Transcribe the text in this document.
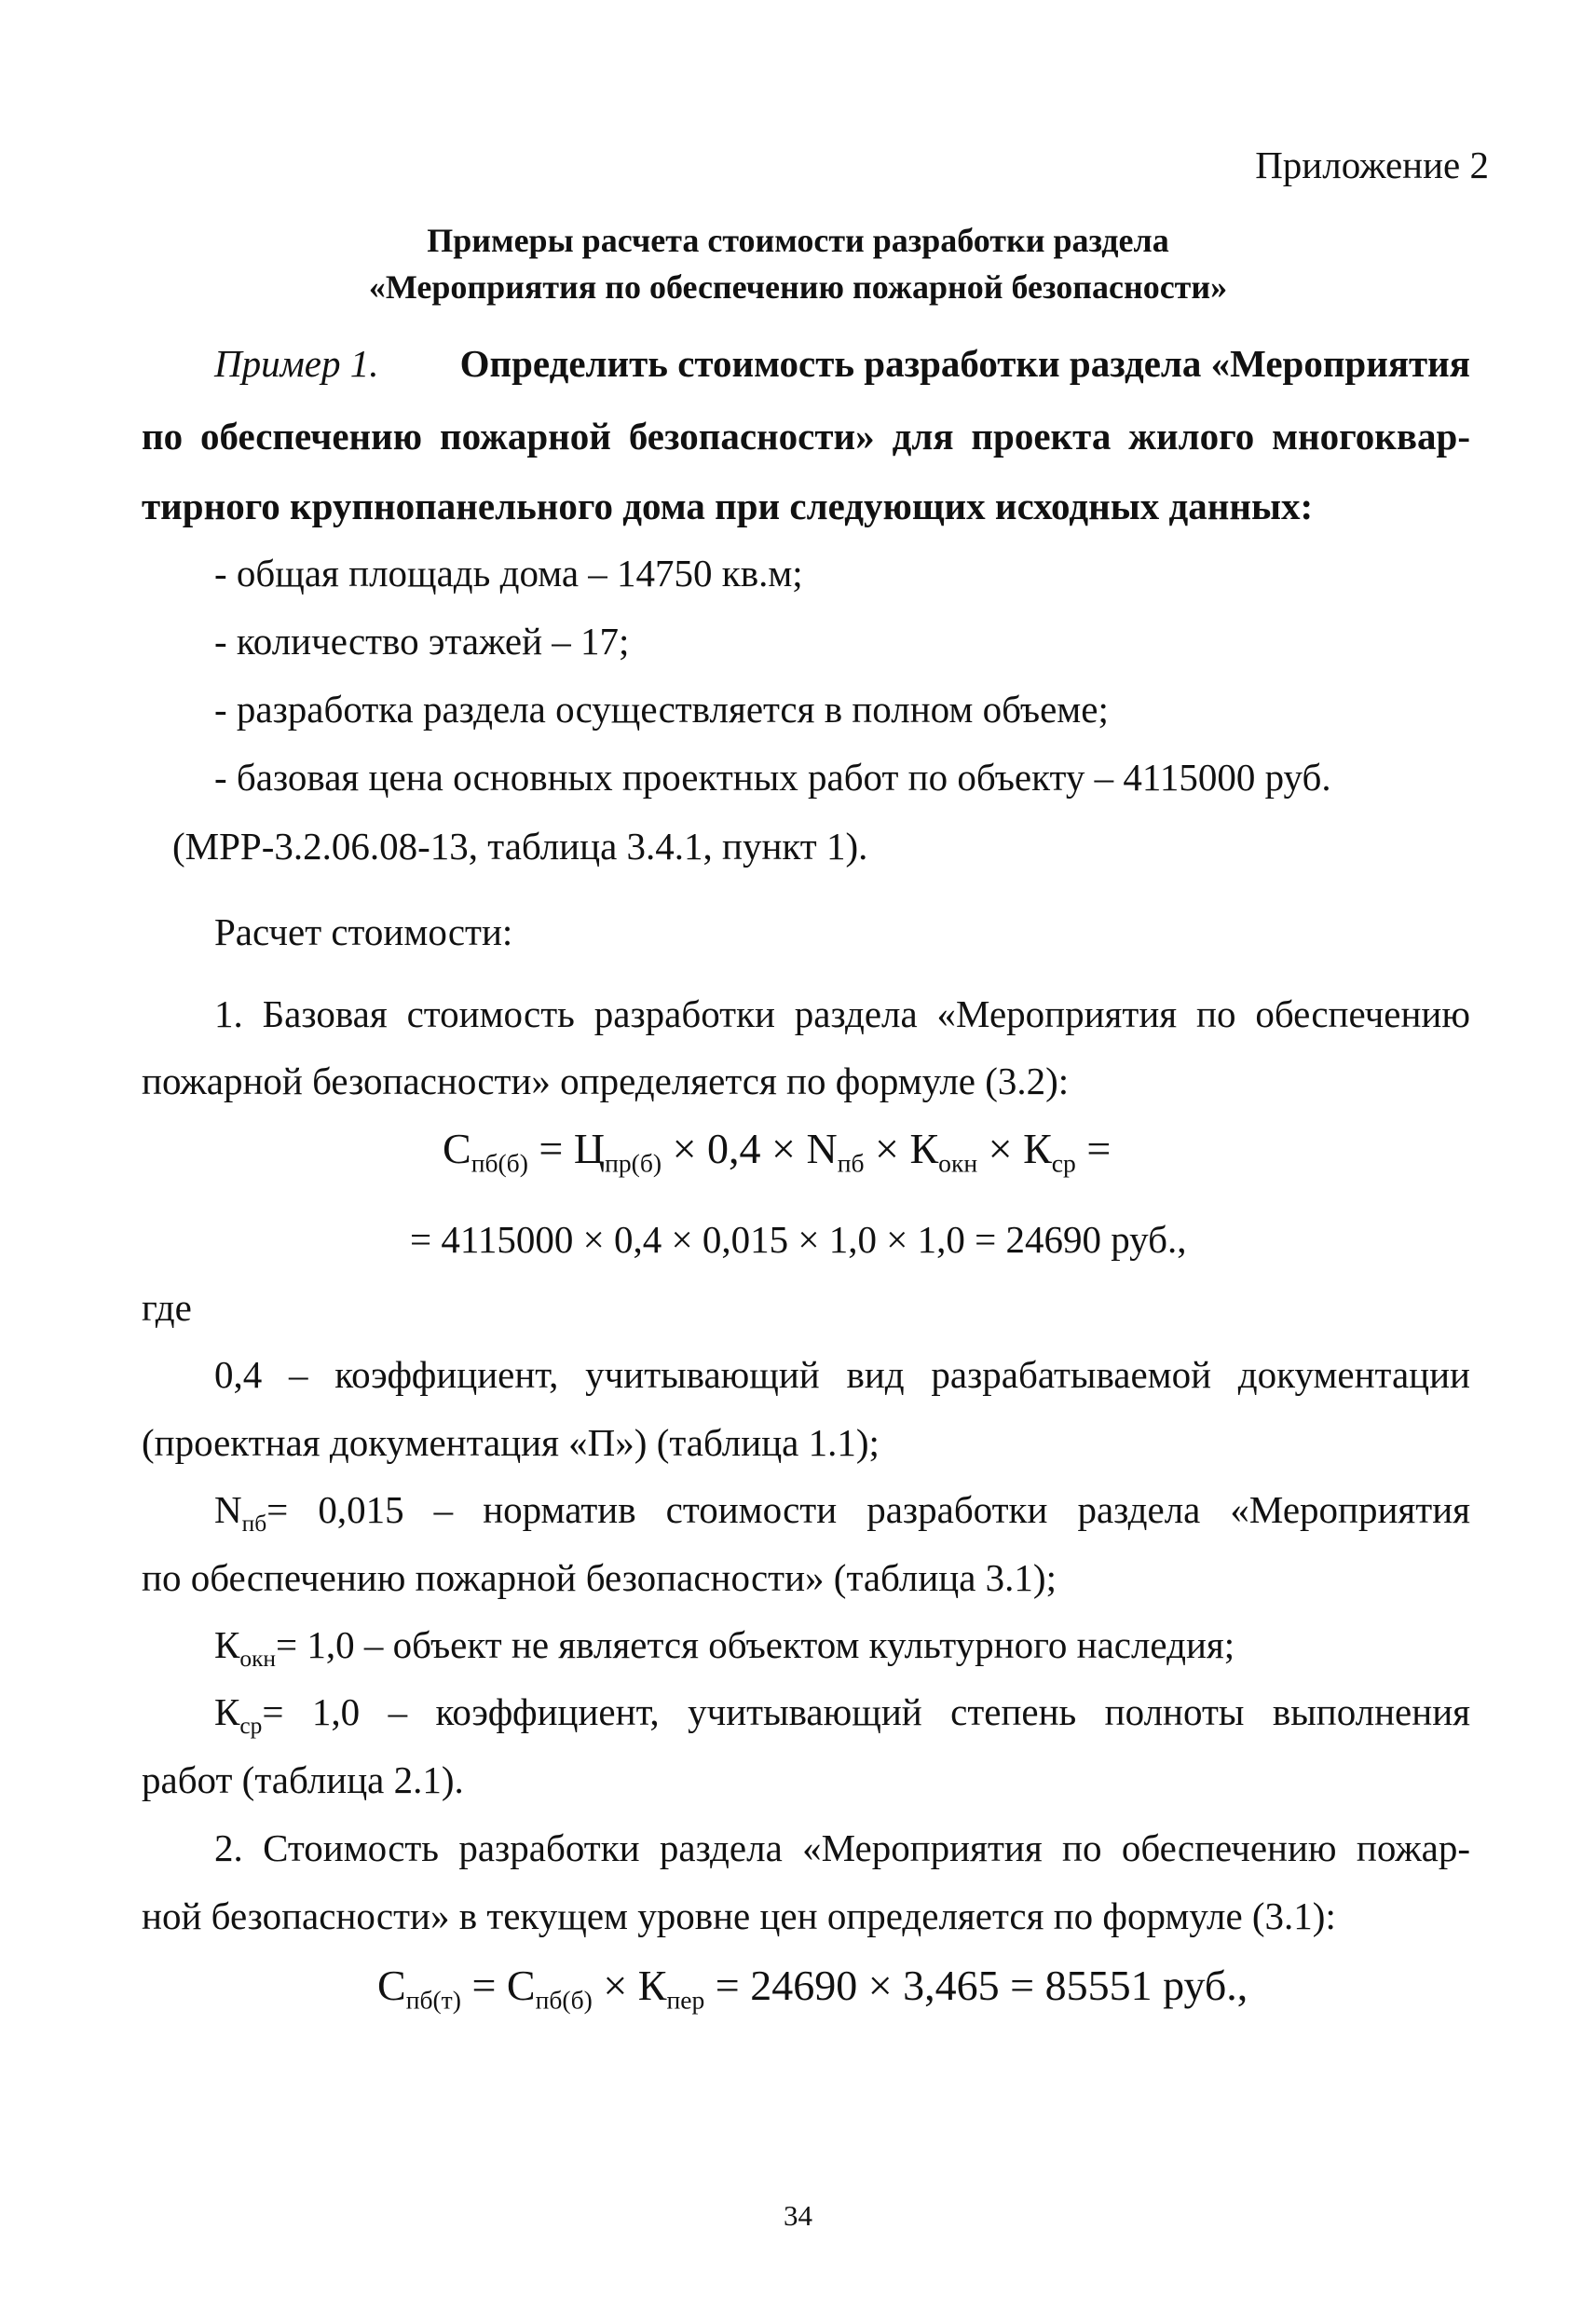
Приложение 2
Примеры расчета стоимости разработки раздела
«Мероприятия по обеспечению пожарной безопасности»
Пример 1.	Определить стоимость разработки раздела «Мероприятия
по обеспечению пожарной безопасности» для проекта жилого многоквар-
тирного крупнопанельного дома при следующих исходных данных:
- общая площадь дома – 14750 кв.м;
- количество этажей – 17;
- разработка раздела осуществляется в полном объеме;
- базовая цена основных проектных работ по объекту – 4115000 руб.
(МРР-3.2.06.08-13, таблица 3.4.1, пункт 1).
Расчет стоимости:
1. Базовая стоимость разработки раздела «Мероприятия по обеспечению
пожарной безопасности» определяется по формуле (3.2):
$С_{пб(б)} = Ц_{пр(б)} \times 0,4 \times N_{пб} \times К_{окн} \times К_{ср}$ =
= 4115000 × 0,4 × 0,015 × 1,0 × 1,0 = 24690 руб.,
где
0,4 – коэффициент, учитывающий вид разрабатываемой документации
(проектная документация «П») (таблица 1.1);
$N_{пб} = 0,015$ – норматив стоимости разработки раздела «Мероприятия
по обеспечению пожарной безопасности» (таблица 3.1);
$К_{окн}= 1,0$ – объект не является объектом культурного наследия;
$К_{ср} = 1,0$ – коэффициент, учитывающий степень полноты выполнения
работ (таблица 2.1).
2. Стоимость разработки раздела «Мероприятия по обеспечению пожар-
ной безопасности» в текущем уровне цен определяется по формуле (3.1):
$С_{пб(т)} = С_{пб(б)} \times К_{пер} = 24690 \times 3,465 = 85551$ руб.,
34
